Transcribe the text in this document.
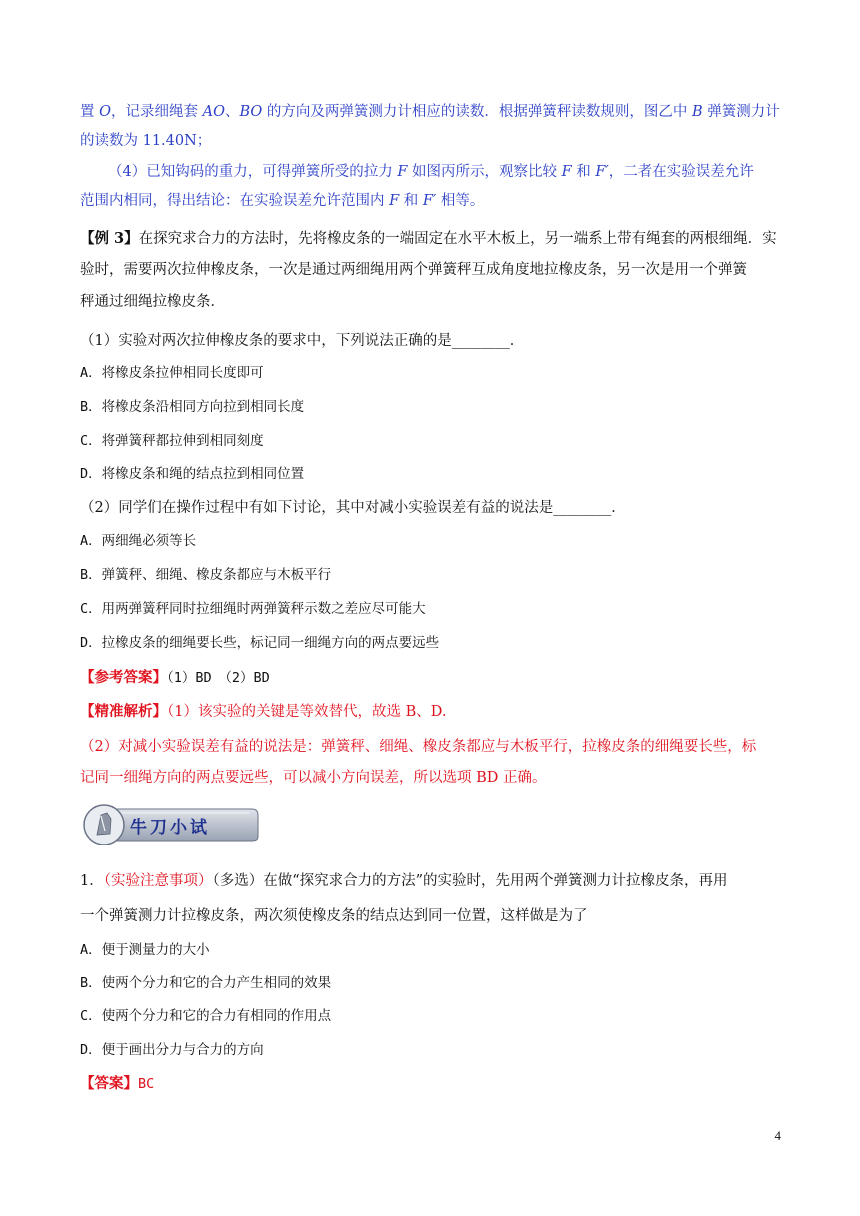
置 O，记录细绳套 AO、BO 的方向及两弹簧测力计相应的读数．根据弹簧秤读数规则，图乙中 B 弹簧测力计
的读数为 11.40N；
（4）已知钩码的重力，可得弹簧所受的拉力 F 如图丙所示，观察比较 F 和 F′，二者在实验误差允许
范围内相同，得出结论：在实验误差允许范围内 F 和 F′ 相等。
【例 3】在探究求合力的方法时，先将橡皮条的一端固定在水平木板上，另一端系上带有绳套的两根细绳．实
验时，需要两次拉伸橡皮条，一次是通过两细绳用两个弹簧秤互成角度地拉橡皮条，另一次是用一个弹簧
秤通过细绳拉橡皮条．
（1）实验对两次拉伸橡皮条的要求中，下列说法正确的是________．
A．将橡皮条拉伸相同长度即可
B．将橡皮条沿相同方向拉到相同长度
C．将弹簧秤都拉伸到相同刻度
D．将橡皮条和绳的结点拉到相同位置
（2）同学们在操作过程中有如下讨论，其中对减小实验误差有益的说法是________．
A．两细绳必须等长
B．弹簧秤、细绳、橡皮条都应与木板平行
C．用两弹簧秤同时拉细绳时两弹簧秤示数之差应尽可能大
D．拉橡皮条的细绳要长些，标记同一细绳方向的两点要远些
【参考答案】（1）BD　（2）BD
【精准解析】（1）该实验的关键是等效替代，故选 B、D.
（2）对减小实验误差有益的说法是：弹簧秤、细绳、橡皮条都应与木板平行，拉橡皮条的细绳要长些，标
记同一细绳方向的两点要远些，可以减小方向误差，所以选项 BD 正确。
牛刀小试
1．（实验注意事项）（多选）在做“探究求合力的方法”的实验时，先用两个弹簧测力计拉橡皮条，再用
一个弹簧测力计拉橡皮条，两次须使橡皮条的结点达到同一位置，这样做是为了
A．便于测量力的大小
B．使两个分力和它的合力产生相同的效果
C．使两个分力和它的合力有相同的作用点
D．便于画出分力与合力的方向
【答案】BC
4
